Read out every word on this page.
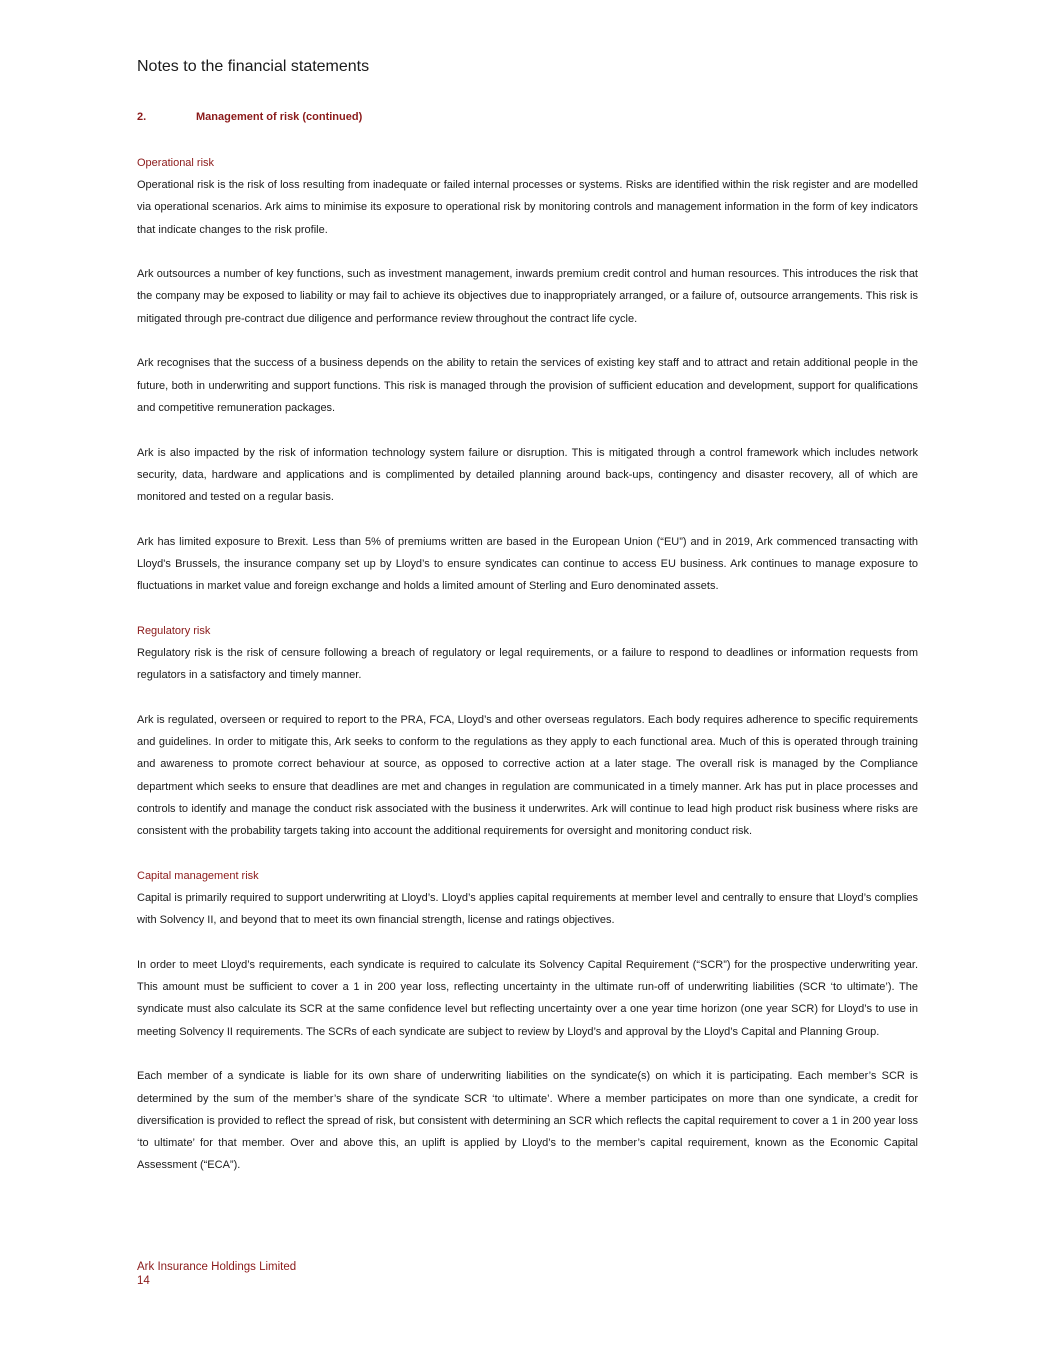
Notes to the financial statements
2.	Management of risk (continued)
Operational risk

Operational risk is the risk of loss resulting from inadequate or failed internal processes or systems. Risks are identified within the risk register and are modelled via operational scenarios. Ark aims to minimise its exposure to operational risk by monitoring controls and management information in the form of key indicators that indicate changes to the risk profile.

Ark outsources a number of key functions, such as investment management, inwards premium credit control and human resources. This introduces the risk that the company may be exposed to liability or may fail to achieve its objectives due to inappropriately arranged, or a failure of, outsource arrangements. This risk is mitigated through pre-contract due diligence and performance review throughout the contract life cycle.

Ark recognises that the success of a business depends on the ability to retain the services of existing key staff and to attract and retain additional people in the future, both in underwriting and support functions. This risk is managed through the provision of sufficient education and development, support for qualifications and competitive remuneration packages.

Ark is also impacted by the risk of information technology system failure or disruption. This is mitigated through a control framework which includes network security, data, hardware and applications and is complimented by detailed planning around back-ups, contingency and disaster recovery, all of which are monitored and tested on a regular basis.

Ark has limited exposure to Brexit. Less than 5% of premiums written are based in the European Union (“EU”) and in 2019, Ark commenced transacting with Lloyd's Brussels, the insurance company set up by Lloyd’s to ensure syndicates can continue to access EU business. Ark continues to manage exposure to fluctuations in market value and foreign exchange and holds a limited amount of Sterling and Euro denominated assets.

Regulatory risk

Regulatory risk is the risk of censure following a breach of regulatory or legal requirements, or a failure to respond to deadlines or information requests from regulators in a satisfactory and timely manner.

Ark is regulated, overseen or required to report to the PRA, FCA, Lloyd’s and other overseas regulators. Each body requires adherence to specific requirements and guidelines. In order to mitigate this, Ark seeks to conform to the regulations as they apply to each functional area. Much of this is operated through training and awareness to promote correct behaviour at source, as opposed to corrective action at a later stage. The overall risk is managed by the Compliance department which seeks to ensure that deadlines are met and changes in regulation are communicated in a timely manner. Ark has put in place processes and controls to identify and manage the conduct risk associated with the business it underwrites. Ark will continue to lead high product risk business where risks are consistent with the probability targets taking into account the additional requirements for oversight and monitoring conduct risk.

Capital management risk

Capital is primarily required to support underwriting at Lloyd’s. Lloyd’s applies capital requirements at member level and centrally to ensure that Lloyd’s complies with Solvency II, and beyond that to meet its own financial strength, license and ratings objectives.

In order to meet Lloyd’s requirements, each syndicate is required to calculate its Solvency Capital Requirement (“SCR”) for the prospective underwriting year. This amount must be sufficient to cover a 1 in 200 year loss, reflecting uncertainty in the ultimate run-off of underwriting liabilities (SCR ‘to ultimate’). The syndicate must also calculate its SCR at the same confidence level but reflecting uncertainty over a one year time horizon (one year SCR) for Lloyd’s to use in meeting Solvency II requirements. The SCRs of each syndicate are subject to review by Lloyd’s and approval by the Lloyd’s Capital and Planning Group.

Each member of a syndicate is liable for its own share of underwriting liabilities on the syndicate(s) on which it is participating. Each member’s SCR is determined by the sum of the member’s share of the syndicate SCR ‘to ultimate’. Where a member participates on more than one syndicate, a credit for diversification is provided to reflect the spread of risk, but consistent with determining an SCR which reflects the capital requirement to cover a 1 in 200 year loss ‘to ultimate’ for that member. Over and above this, an uplift is applied by Lloyd’s to the member’s capital requirement, known as the Economic Capital Assessment (“ECA”).

Ark Insurance Holdings Limited
14
